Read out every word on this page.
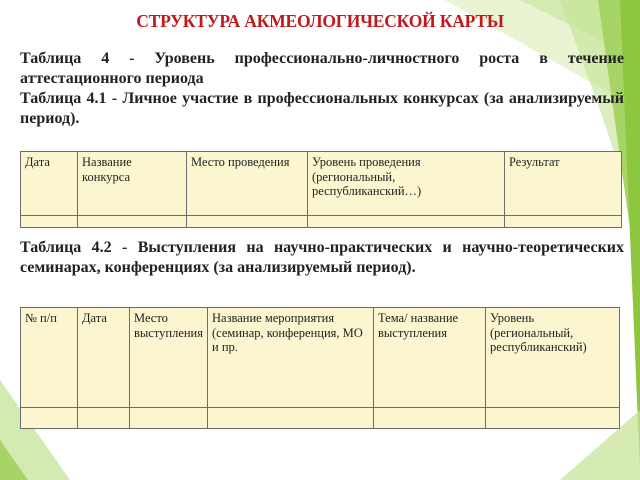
СТРУКТУРА АКМЕОЛОГИЧЕСКОЙ КАРТЫ
Таблица 4 - Уровень профессионально-личностного роста в течение аттестационного периода
Таблица 4.1 - Личное участие в профессиональных конкурсах (за анализируемый период).
Дата	Название конкурса	Место проведения	Уровень проведения (региональный, республиканский…)	Результат

Таблица 4.2 - Выступления на научно-практических и научно-теоретических семинарах, конференциях (за анализируемый период).
№ п/п	Дата	Место выступления	Название мероприятия (семинар, конференция, МО и пр.	Тема/ название выступления	Уровень (региональный, республиканский)
